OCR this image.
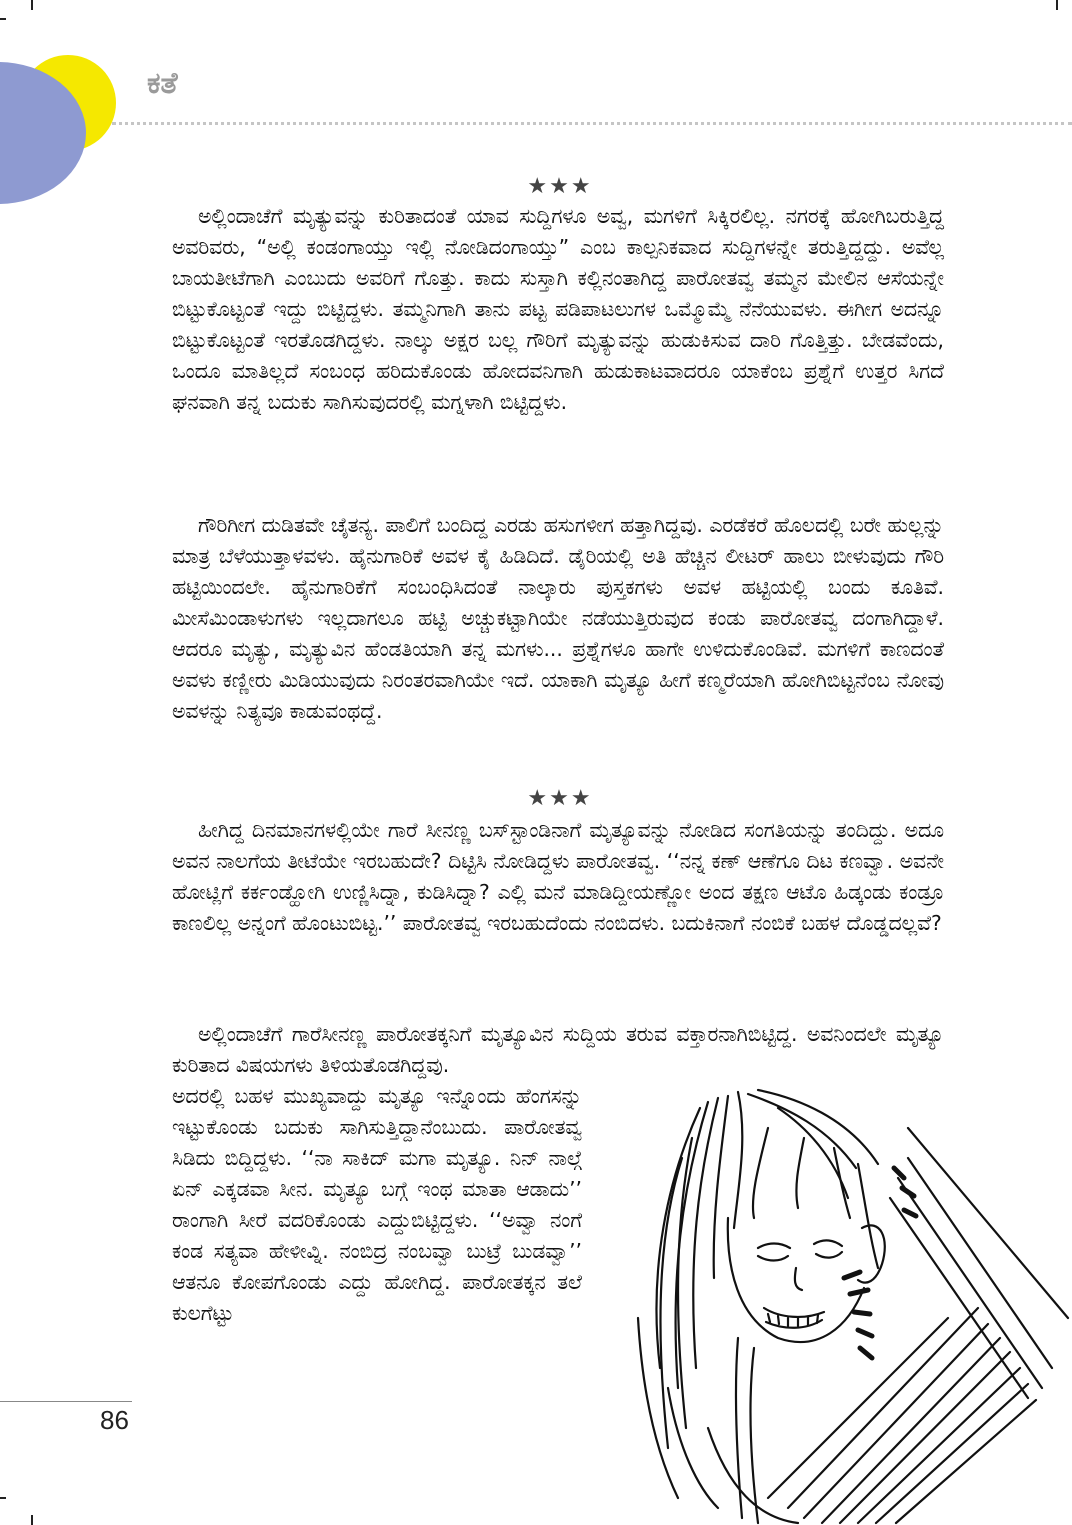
ಕತೆ

★★★

ಅಲ್ಲಿಂದಾಚೆಗೆ ಮೃತ್ಯುವನ್ನು ಕುರಿತಾದಂತೆ ಯಾವ ಸುದ್ದಿಗಳೂ ಅವ್ವ, ಮಗಳಿಗೆ ಸಿಕ್ಕಿರಲಿಲ್ಲ. ನಗರಕ್ಕೆ ಹೋಗಿಬರುತ್ತಿದ್ದ ಅವರಿವರು, “ಅಲ್ಲಿ ಕಂಡಂಗಾಯ್ತು ಇಲ್ಲಿ ನೋಡಿದಂಗಾಯ್ತು” ಎಂಬ ಕಾಲ್ಪನಿಕವಾದ ಸುದ್ದಿಗಳನ್ನೇ ತರುತ್ತಿದ್ದದ್ದು. ಅವೆಲ್ಲ ಬಾಯತೀಟೆಗಾಗಿ ಎಂಬುದು ಅವರಿಗೆ ಗೊತ್ತು. ಕಾದು ಸುಸ್ತಾಗಿ ಕಲ್ಲಿನಂತಾಗಿದ್ದ ಪಾರೋತವ್ವ ತಮ್ಮನ ಮೇಲಿನ ಆಸೆಯನ್ನೇ ಬಿಟ್ಟುಕೊಟ್ಟಂತೆ ಇದ್ದು ಬಿಟ್ಟಿದ್ದಳು. ತಮ್ಮನಿಗಾಗಿ ತಾನು ಪಟ್ಟ ಪಡಿಪಾಟಲುಗಳ ಒಮ್ಮೊಮ್ಮೆ ನೆನೆಯುವಳು. ಈಗೀಗ ಅದನ್ನೂ ಬಿಟ್ಟುಕೊಟ್ಟಂತೆ ಇರತೊಡಗಿದ್ದಳು. ನಾಲ್ಕು ಅಕ್ಷರ ಬಲ್ಲ ಗೌರಿಗೆ ಮೃತ್ಯುವನ್ನು ಹುಡುಕಿಸುವ ದಾರಿ ಗೊತ್ತಿತ್ತು. ಬೇಡವೆಂದು, ಒಂದೂ ಮಾತಿಲ್ಲದೆ ಸಂಬಂಧ ಹರಿದುಕೊಂಡು ಹೋದವನಿಗಾಗಿ ಹುಡುಕಾಟವಾದರೂ ಯಾಕೆಂಬ ಪ್ರಶ್ನೆಗೆ ಉತ್ತರ ಸಿಗದೆ ಘನವಾಗಿ ತನ್ನ ಬದುಕು ಸಾಗಿಸುವುದರಲ್ಲಿ ಮಗ್ನಳಾಗಿ ಬಿಟ್ಟಿದ್ದಳು.

ಗೌರಿಗೀಗ ದುಡಿತವೇ ಚೈತನ್ಯ. ಪಾಲಿಗೆ ಬಂದಿದ್ದ ಎರಡು ಹಸುಗಳೀಗ ಹತ್ತಾಗಿದ್ದವು. ಎರಡೆಕರೆ ಹೊಲದಲ್ಲಿ ಬರೇ ಹುಲ್ಲನ್ನು ಮಾತ್ರ ಬೆಳೆಯುತ್ತಾಳವಳು. ಹೈನುಗಾರಿಕೆ ಅವಳ ಕೈ ಹಿಡಿದಿದೆ. ಡೈರಿಯಲ್ಲಿ ಅತಿ ಹೆಚ್ಚಿನ ಲೀಟರ್ ಹಾಲು ಬೀಳುವುದು ಗೌರಿ ಹಟ್ಟಿಯಿಂದಲೇ. ಹೈನುಗಾರಿಕೆಗೆ ಸಂಬಂಧಿಸಿದಂತೆ ನಾಲ್ಕಾರು ಪುಸ್ತಕಗಳು ಅವಳ ಹಟ್ಟಿಯಲ್ಲಿ ಬಂದು ಕೂತಿವೆ. ಮೀಸೆಮಿಂಡಾಳುಗಳು ಇಲ್ಲದಾಗಲೂ ಹಟ್ಟಿ ಅಚ್ಚುಕಟ್ಟಾಗಿಯೇ ನಡೆಯುತ್ತಿರುವುದ ಕಂಡು ಪಾರೋತವ್ವ ದಂಗಾಗಿದ್ದಾಳೆ. ಆದರೂ ಮೃತ್ಯು, ಮೃತ್ಯುವಿನ ಹೆಂಡತಿಯಾಗಿ ತನ್ನ ಮಗಳು... ಪ್ರಶ್ನೆಗಳೂ ಹಾಗೇ ಉಳಿದುಕೊಂಡಿವೆ. ಮಗಳಿಗೆ ಕಾಣದಂತೆ ಅವಳು ಕಣ್ಣೀರು ಮಿಡಿಯುವುದು ನಿರಂತರವಾಗಿಯೇ ಇದೆ. ಯಾಕಾಗಿ ಮೃತ್ಯೂ ಹೀಗೆ ಕಣ್ಮರೆಯಾಗಿ ಹೋಗಿಬಿಟ್ಟನೆಂಬ ನೋವು ಅವಳನ್ನು ನಿತ್ಯವೂ ಕಾಡುವಂಥದ್ದೆ.

★★★

ಹೀಗಿದ್ದ ದಿನಮಾನಗಳಲ್ಲಿಯೇ ಗಾರೆ ಸೀನಣ್ಣ ಬಸ್‌ಸ್ಟಾಂಡಿನಾಗೆ ಮೃತ್ಯೂವನ್ನು ನೋಡಿದ ಸಂಗತಿಯನ್ನು ತಂದಿದ್ದು. ಅದೂ ಅವನ ನಾಲಗೆಯ ತೀಟೆಯೇ ಇರಬಹುದೇ? ದಿಟ್ಟಿಸಿ ನೋಡಿದ್ದಳು ಪಾರೋತವ್ವ. ‘‘ನನ್ನ ಕಣ್ ಆಣೆಗೂ ದಿಟ ಕಣವ್ವಾ. ಅವನೇ ಹೋಟ್ಲಿಗೆ ಕರ್ಕಂಡ್ಹೋಗಿ ಉಣ್ಣಿಸಿದ್ನಾ, ಕುಡಿಸಿದ್ನಾ? ಎಲ್ಲಿ ಮನೆ ಮಾಡಿದ್ದೀಯಣ್ಣೋ ಅಂದ ತಕ್ಷಣ ಆಟೊ ಹಿಡ್ಕಂಡು ಕಂಡ್ರೂ ಕಾಣಲಿಲ್ಲ ಅನ್ನಂಗೆ ಹೊಂಟುಬಿಟ್ಟ.’’ ಪಾರೋತವ್ವ ಇರಬಹುದೆಂದು ನಂಬಿದಳು. ಬದುಕಿನಾಗೆ ನಂಬಿಕೆ ಬಹಳ ದೊಡ್ಡದಲ್ಲವೆ?

ಅಲ್ಲಿಂದಾಚೆಗೆ ಗಾರೆಸೀನಣ್ಣ ಪಾರೋತಕ್ಕನಿಗೆ ಮೃತ್ಯೂವಿನ ಸುದ್ದಿಯ ತರುವ ವಕ್ತಾರನಾಗಿಬಿಟ್ಟಿದ್ದ. ಅವನಿಂದಲೇ ಮೃತ್ಯೂ ಕುರಿತಾದ ವಿಷಯಗಳು ತಿಳಿಯತೊಡಗಿದ್ದವು.

ಅದರಲ್ಲಿ ಬಹಳ ಮುಖ್ಯವಾದ್ದು ಮೃತ್ಯೂ ಇನ್ನೊಂದು ಹೆಂಗಸನ್ನು ಇಟ್ಟುಕೊಂಡು ಬದುಕು ಸಾಗಿಸುತ್ತಿದ್ದಾನೆಂಬುದು. ಪಾರೋತವ್ವ ಸಿಡಿದು ಬಿದ್ದಿದ್ದಳು. ‘‘ನಾ ಸಾಕಿದ್ ಮಗಾ ಮೃತ್ಯೂ. ನಿನ್ ನಾಲ್ಗೆ ಏನ್ ಎಕ್ಕಡವಾ ಸೀನ. ಮೃತ್ಯೂ ಬಗ್ಗೆ ಇಂಥ ಮಾತಾ ಆಡಾದು’’ ರಾಂಗಾಗಿ ಸೀರೆ ವದರಿಕೊಂಡು ಎದ್ದುಬಿಟ್ಟಿದ್ದಳು. ‘‘ಅವ್ವಾ ನಂಗೆ ಕಂಡ ಸತ್ಯವಾ ಹೇಳೀವ್ನಿ. ನಂಬಿದ್ರ ನಂಬವ್ವಾ ಬುಟ್ರೆ ಬುಡವ್ವಾ’’ ಆತನೂ ಕೋಪಗೊಂಡು ಎದ್ದು ಹೋಗಿದ್ದ. ಪಾರೋತಕ್ಕನ ತಲೆ ಕುಲಗೆಟ್ಟು

86
